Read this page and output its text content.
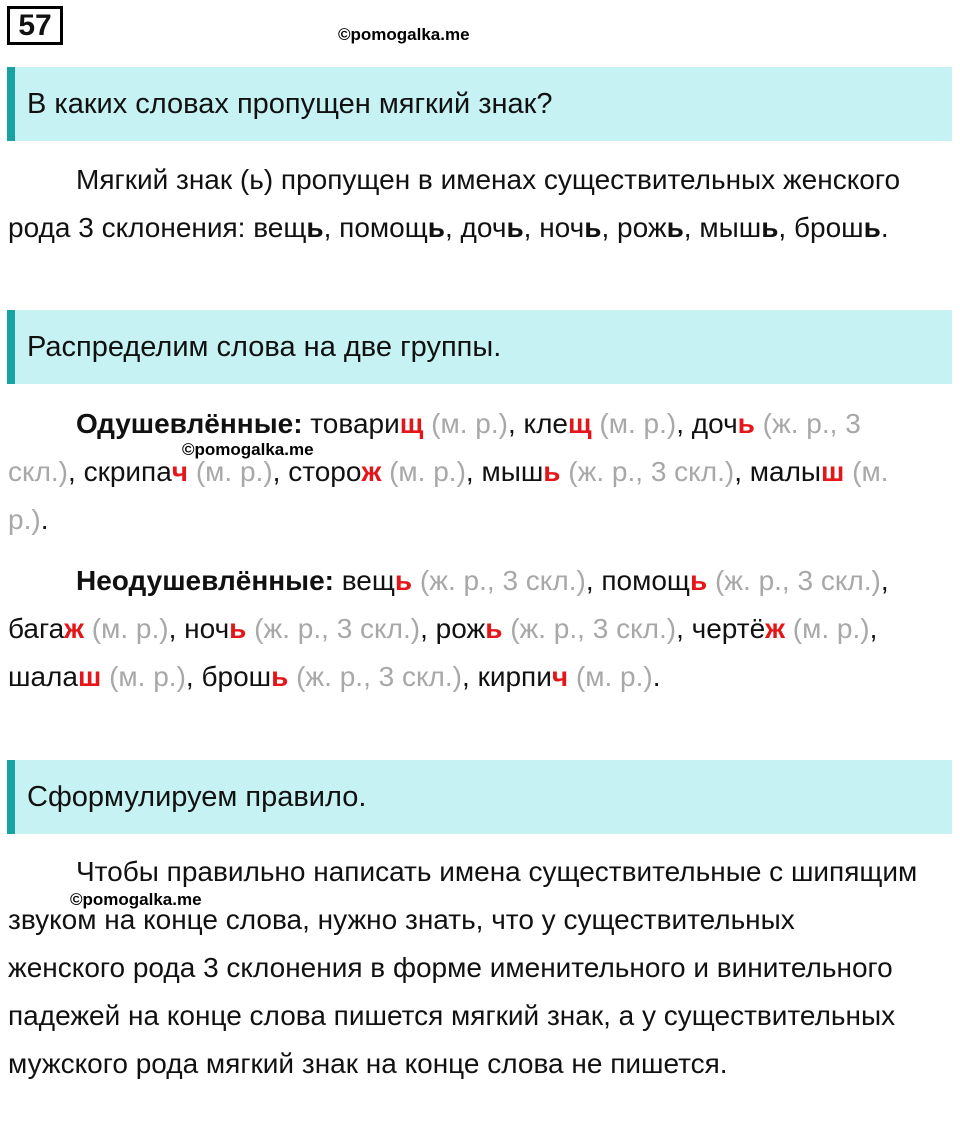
57	©pomogalka.me
В каких словах пропущен мягкий знак?

Мягкий знак (ь) пропущен в именах существительных женского рода 3 склонения: вещь, помощь, дочь, ночь, рожь, мышь, брошь.

Распределим слова на две группы.

Одушевлённые: товарищ (м. р.), клещ (м. р.), дочь (ж. р., 3 скл.), скрипач (м. р.), сторож (м. р.), мышь (ж. р., 3 скл.), малыш (м. р.).

©pomogalka.me

Неодушевлённые: вещь (ж. р., 3 скл.), помощь (ж. р., 3 скл.), багаж (м. р.), ночь (ж. р., 3 скл.), рожь (ж. р., 3 скл.), чертёж (м. р.), шалаш (м. р.), брошь (ж. р., 3 скл.), кирпич (м. р.).

Сформулируем правило.

Чтобы правильно написать имена существительные с шипящим звуком на конце слова, нужно знать, что у существительных женского рода 3 склонения в форме именительного и винительного падежей на конце слова пишется мягкий знак, а у существительных мужского рода мягкий знак на конце слова не пишется.

©pomogalka.me
